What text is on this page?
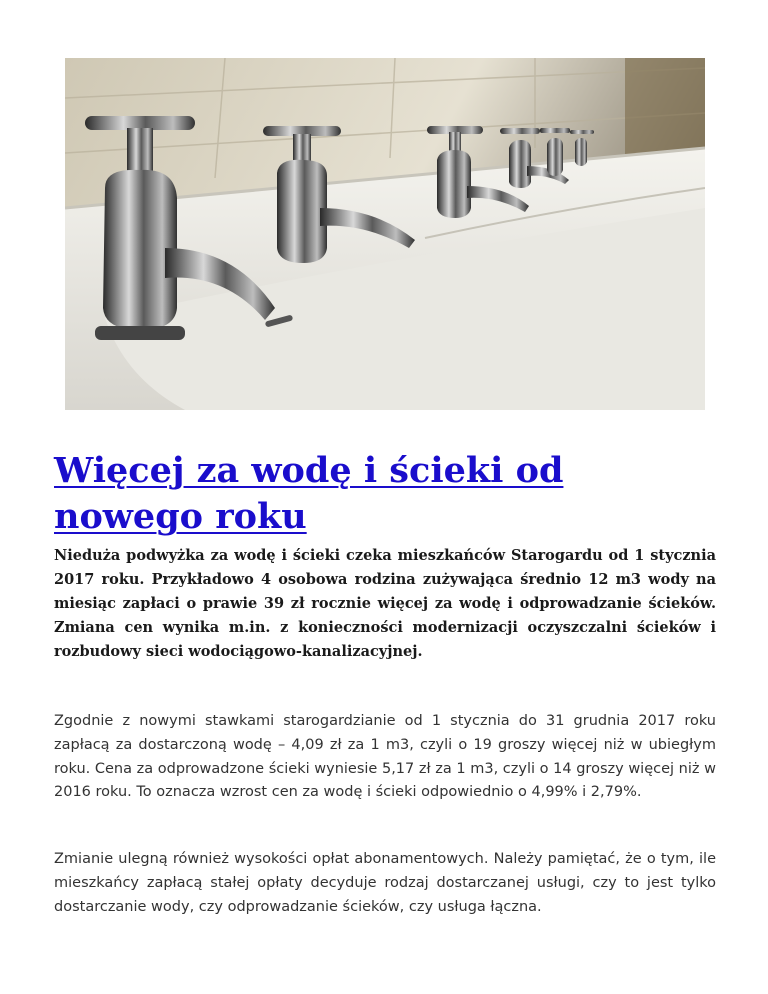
Więcej za wodę i ścieki od nowego roku

Nieduża podwyżka za wodę i ścieki czeka mieszkańców Starogardu od 1 stycznia 2017 roku. Przykładowo 4 osobowa rodzina zużywająca średnio 12 m3 wody na miesiąc zapłaci o prawie 39 zł rocznie więcej za wodę i odprowadzanie ścieków. Zmiana cen wynika m.in. z konieczności modernizacji oczyszczalni ścieków i rozbudowy sieci wodociągowo-kanalizacyjnej.

Zgodnie z nowymi stawkami starogardzianie od 1 stycznia do 31 grudnia 2017 roku zapłacą za dostarczoną wodę – 4,09 zł za 1 m3, czyli o 19 groszy więcej niż w ubiegłym roku. Cena za odprowadzone ścieki wyniesie 5,17 zł za 1 m3, czyli o 14 groszy więcej niż w 2016 roku. To oznacza wzrost cen za wodę i ścieki odpowiednio o 4,99% i 2,79%.

Zmianie ulegną również wysokości opłat abonamentowych. Należy pamiętać, że o tym, ile mieszkańcy zapłacą stałej opłaty decyduje rodzaj dostarczanej usługi, czy to jest tylko dostarczanie wody, czy odprowadzanie ścieków, czy usługa łączna.
